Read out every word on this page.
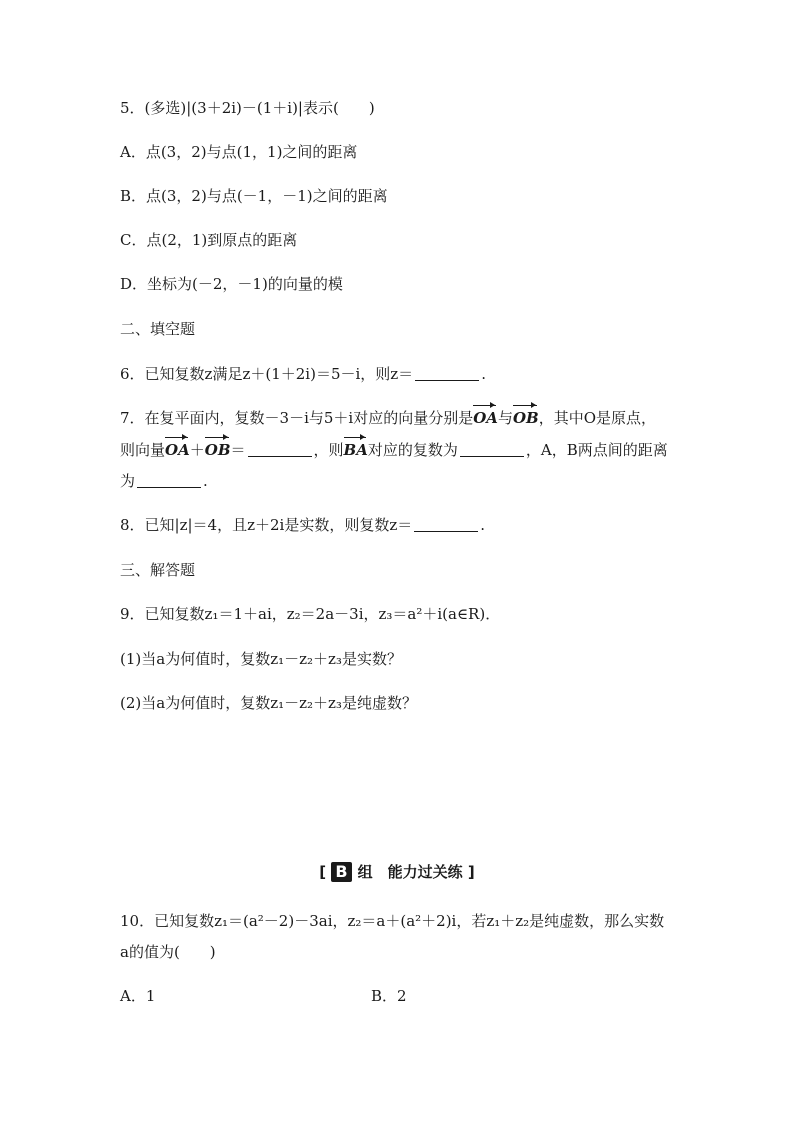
5．(多选)|(3＋2i)－(1＋i)|表示(　　)
A．点(3，2)与点(1，1)之间的距离
B．点(3，2)与点(－1，－1)之间的距离
C．点(2，1)到原点的距离
D．坐标为(－2，－1)的向量的模
二、填空题
6．已知复数z满足z＋(1＋2i)＝5－i，则z＝	.
7．在复平面内，复数－3－i与5＋i对应的向量分别是OA与OB，其中O是原点，
则向量OA＋OB＝	，则BA对应的复数为	，A，B两点间的距离
为	.
8．已知|z|＝4，且z＋2i是实数，则复数z＝	.
三、解答题
9．已知复数z₁＝1＋ai，z₂＝2a－3i，z₃＝a²＋i(a∈R)．
(1)当a为何值时，复数z₁－z₂＋z₃是实数？
(2)当a为何值时，复数z₁－z₂＋z₃是纯虚数？
[ B 组　能力过关练 ]
10．已知复数z₁＝(a²－2)－3ai，z₂＝a＋(a²＋2)i，若z₁＋z₂是纯虚数，那么实数
a的值为(　　)
A．1	B．2
